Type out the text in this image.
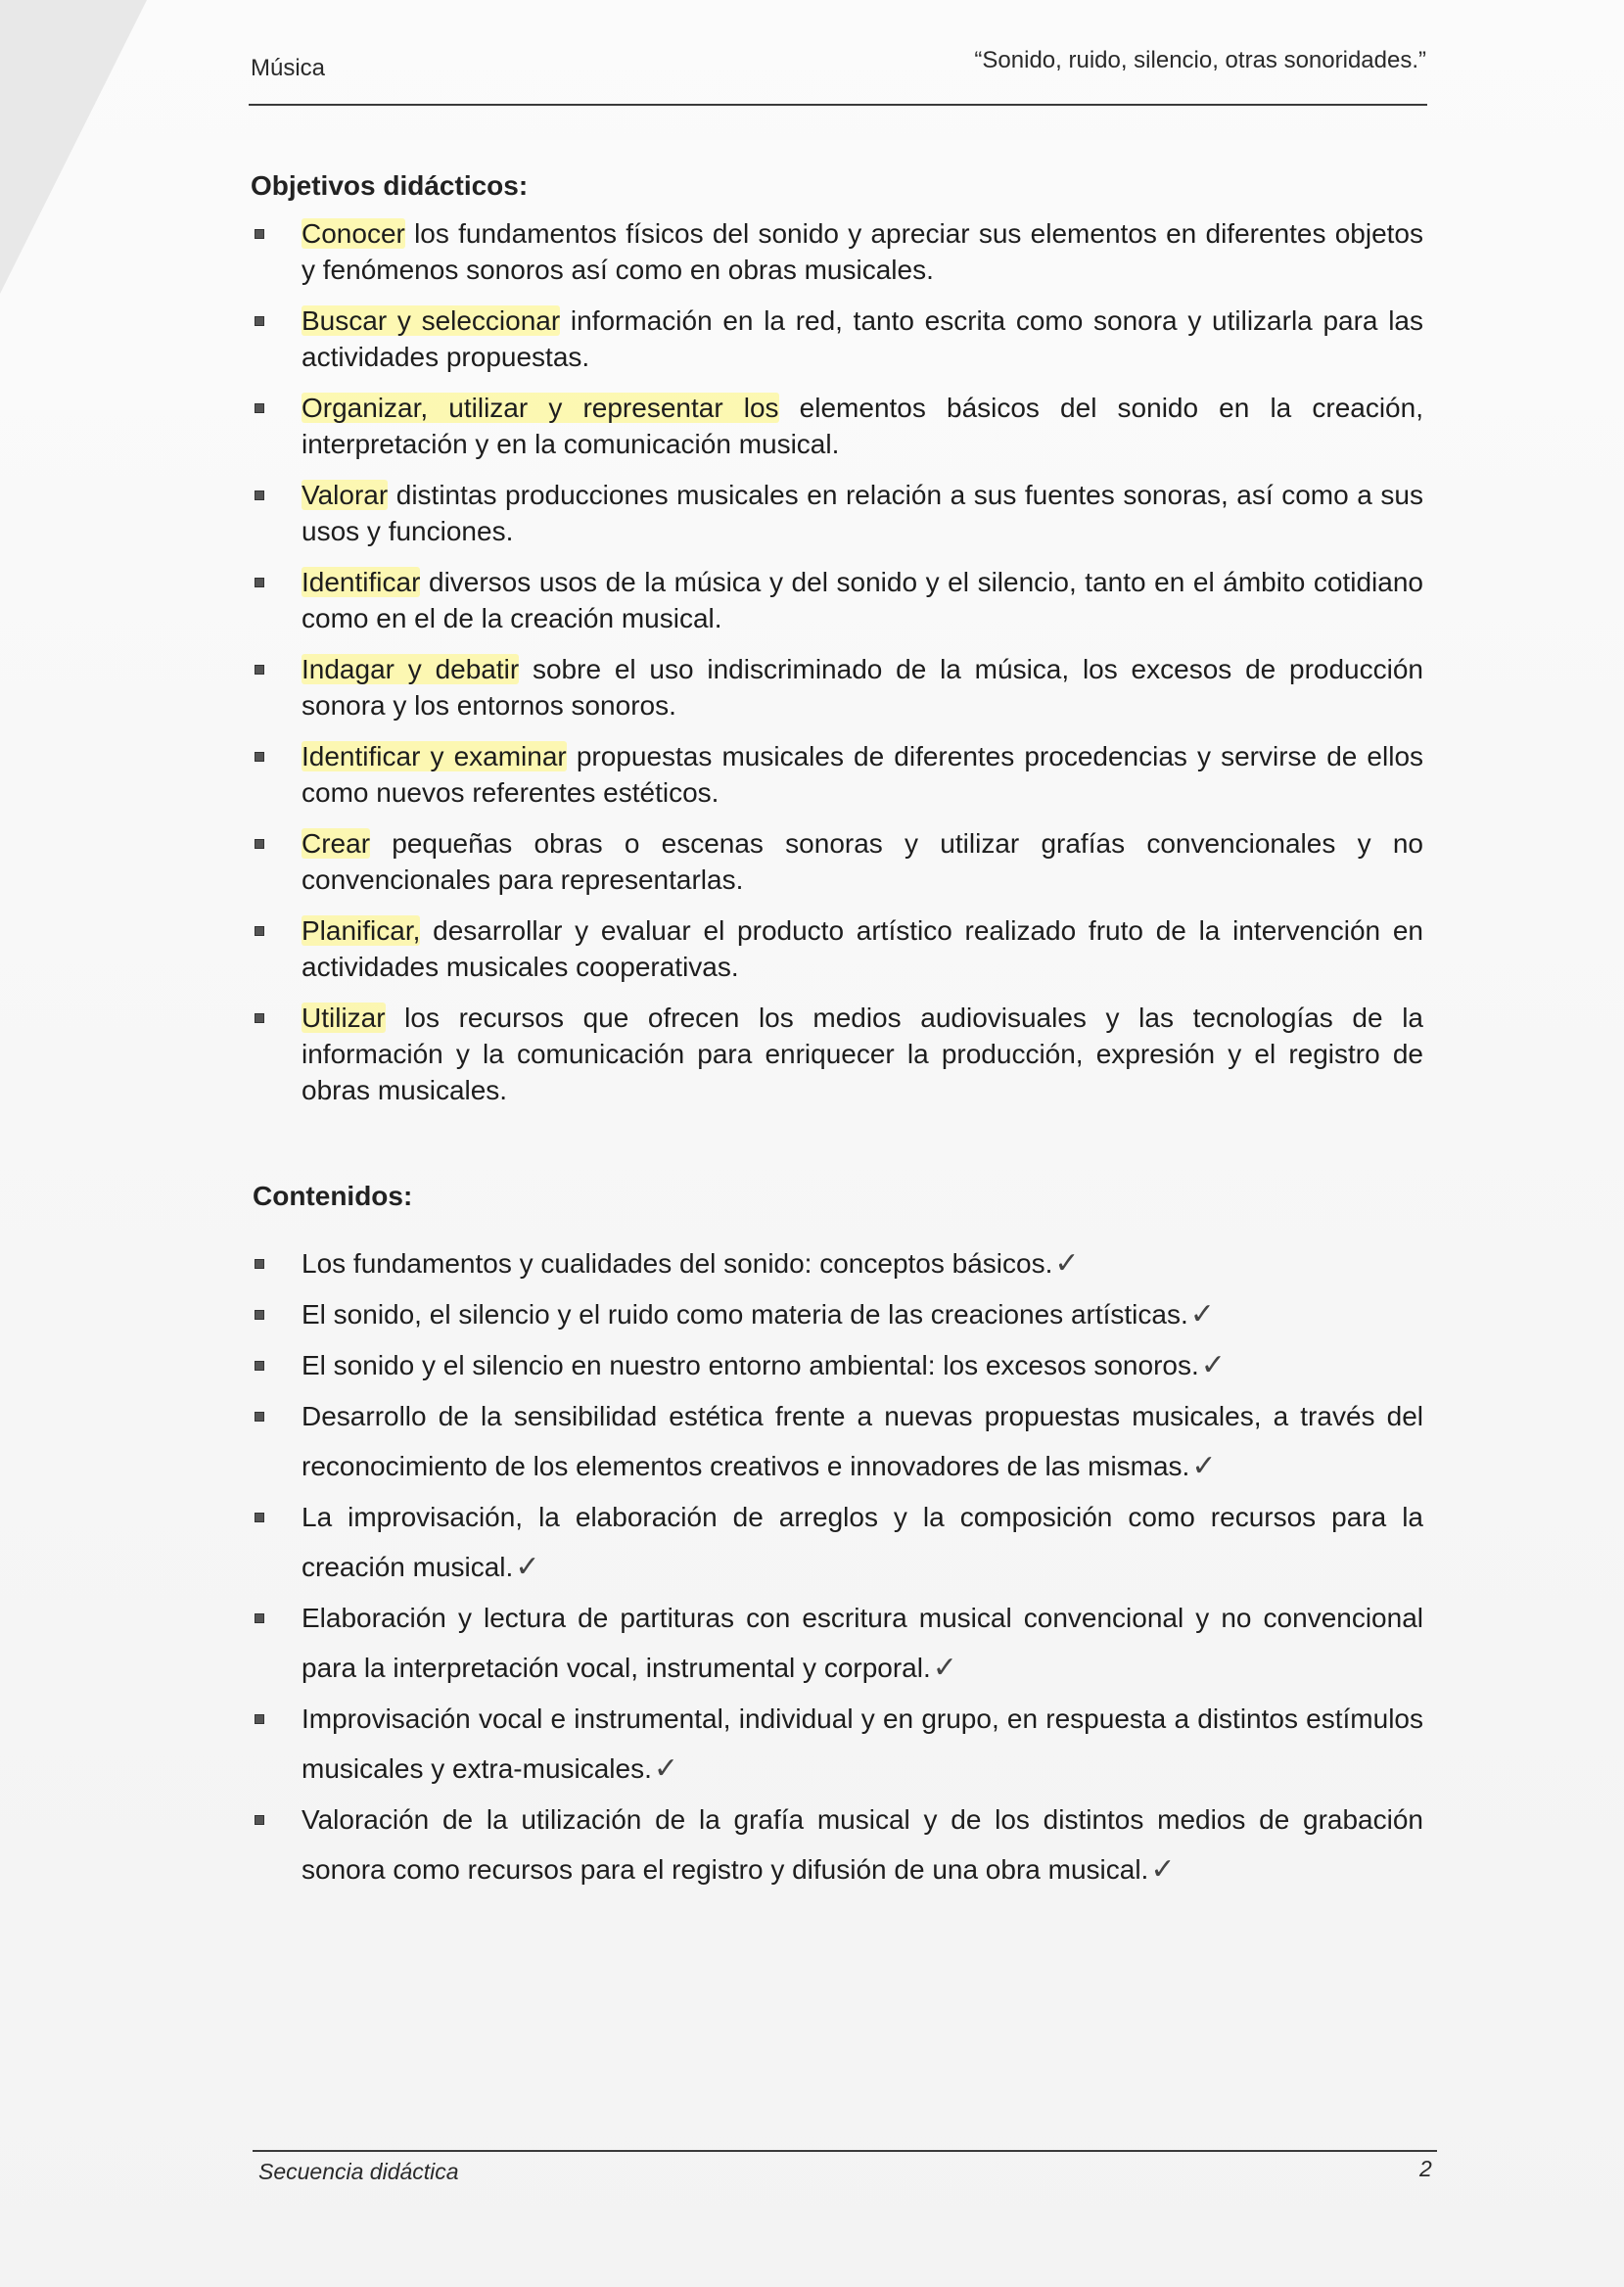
Música	“Sonido, ruido, silencio, otras sonoridades.”
Objetivos didácticos:
Conocer los fundamentos físicos del sonido y apreciar sus elementos en diferentes objetos y fenómenos sonoros así como en obras musicales.
Buscar y seleccionar información en la red, tanto escrita como sonora y utilizarla para las actividades propuestas.
Organizar, utilizar y representar los elementos básicos del sonido en la creación, interpretación y en la comunicación musical.
Valorar distintas producciones musicales en relación a sus fuentes sonoras, así como a sus usos y funciones.
Identificar diversos usos de la música y del sonido y el silencio, tanto en el ámbito cotidiano como en el de la creación musical.
Indagar y debatir sobre el uso indiscriminado de la música, los excesos de producción sonora y los entornos sonoros.
Identificar y examinar propuestas musicales de diferentes procedencias y servirse de ellos como nuevos referentes estéticos.
Crear pequeñas obras o escenas sonoras y utilizar grafías convencionales y no convencionales para representarlas.
Planificar, desarrollar y evaluar el producto artístico realizado fruto de la intervención en actividades musicales cooperativas.
Utilizar los recursos que ofrecen los medios audiovisuales y las tecnologías de la información y la comunicación para enriquecer la producción, expresión y el registro de obras musicales.
Contenidos:
Los fundamentos y cualidades del sonido: conceptos básicos.✓
El sonido, el silencio y el ruido como materia de las creaciones artísticas.✓
El sonido y el silencio en nuestro entorno ambiental: los excesos sonoros.✓
Desarrollo de la sensibilidad estética frente a nuevas propuestas musicales, a través del reconocimiento de los elementos creativos e innovadores de las mismas.✓
La improvisación, la elaboración de arreglos y la composición como recursos para la creación musical.✓
Elaboración y lectura de partituras con escritura musical convencional y no convencional para la interpretación vocal, instrumental y corporal.✓
Improvisación vocal e instrumental, individual y en grupo, en respuesta a distintos estímulos musicales y extra-musicales.✓
Valoración de la utilización de la grafía musical y de los distintos medios de grabación sonora como recursos para el registro y difusión de una obra musical.✓
Secuencia didáctica	2
